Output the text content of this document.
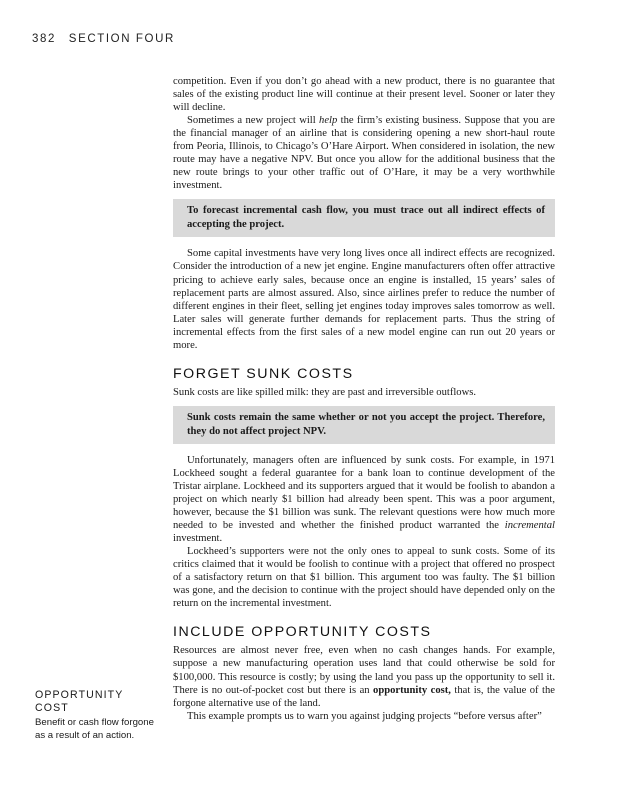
382 SECTION FOUR

competition. Even if you don’t go ahead with a new product, there is no guarantee that sales of the existing product line will continue at their present level. Sooner or later they will decline.

Sometimes a new project will help the firm’s existing business. Suppose that you are the financial manager of an airline that is considering opening a new short-haul route from Peoria, Illinois, to Chicago’s O’Hare Airport. When considered in isolation, the new route may have a negative NPV. But once you allow for the additional business that the new route brings to your other traffic out of O’Hare, it may be a very worthwhile investment.

To forecast incremental cash flow, you must trace out all indirect effects of accepting the project.

Some capital investments have very long lives once all indirect effects are recognized. Consider the introduction of a new jet engine. Engine manufacturers often offer attractive pricing to achieve early sales, because once an engine is installed, 15 years’ sales of replacement parts are almost assured. Also, since airlines prefer to reduce the number of different engines in their fleet, selling jet engines today improves sales tomorrow as well. Later sales will generate further demands for replacement parts. Thus the string of incremental effects from the first sales of a new model engine can run out 20 years or more.

FORGET SUNK COSTS

Sunk costs are like spilled milk: they are past and irreversible outflows.

Sunk costs remain the same whether or not you accept the project. Therefore, they do not affect project NPV.

Unfortunately, managers often are influenced by sunk costs. For example, in 1971 Lockheed sought a federal guarantee for a bank loan to continue development of the Tristar airplane. Lockheed and its supporters argued that it would be foolish to abandon a project on which nearly $1 billion had already been spent. This was a poor argument, however, because the $1 billion was sunk. The relevant questions were how much more needed to be invested and whether the finished product warranted the incremental investment.

Lockheed’s supporters were not the only ones to appeal to sunk costs. Some of its critics claimed that it would be foolish to continue with a project that offered no prospect of a satisfactory return on that $1 billion. This argument too was faulty. The $1 billion was gone, and the decision to continue with the project should have depended only on the return on the incremental investment.

INCLUDE OPPORTUNITY COSTS

Resources are almost never free, even when no cash changes hands. For example, suppose a new manufacturing operation uses land that could otherwise be sold for $100,000. This resource is costly; by using the land you pass up the opportunity to sell it. There is no out-of-pocket cost but there is an opportunity cost, that is, the value of the forgone alternative use of the land.

This example prompts us to warn you against judging projects “before versus after”

OPPORTUNITY COST
Benefit or cash flow forgone as a result of an action.
